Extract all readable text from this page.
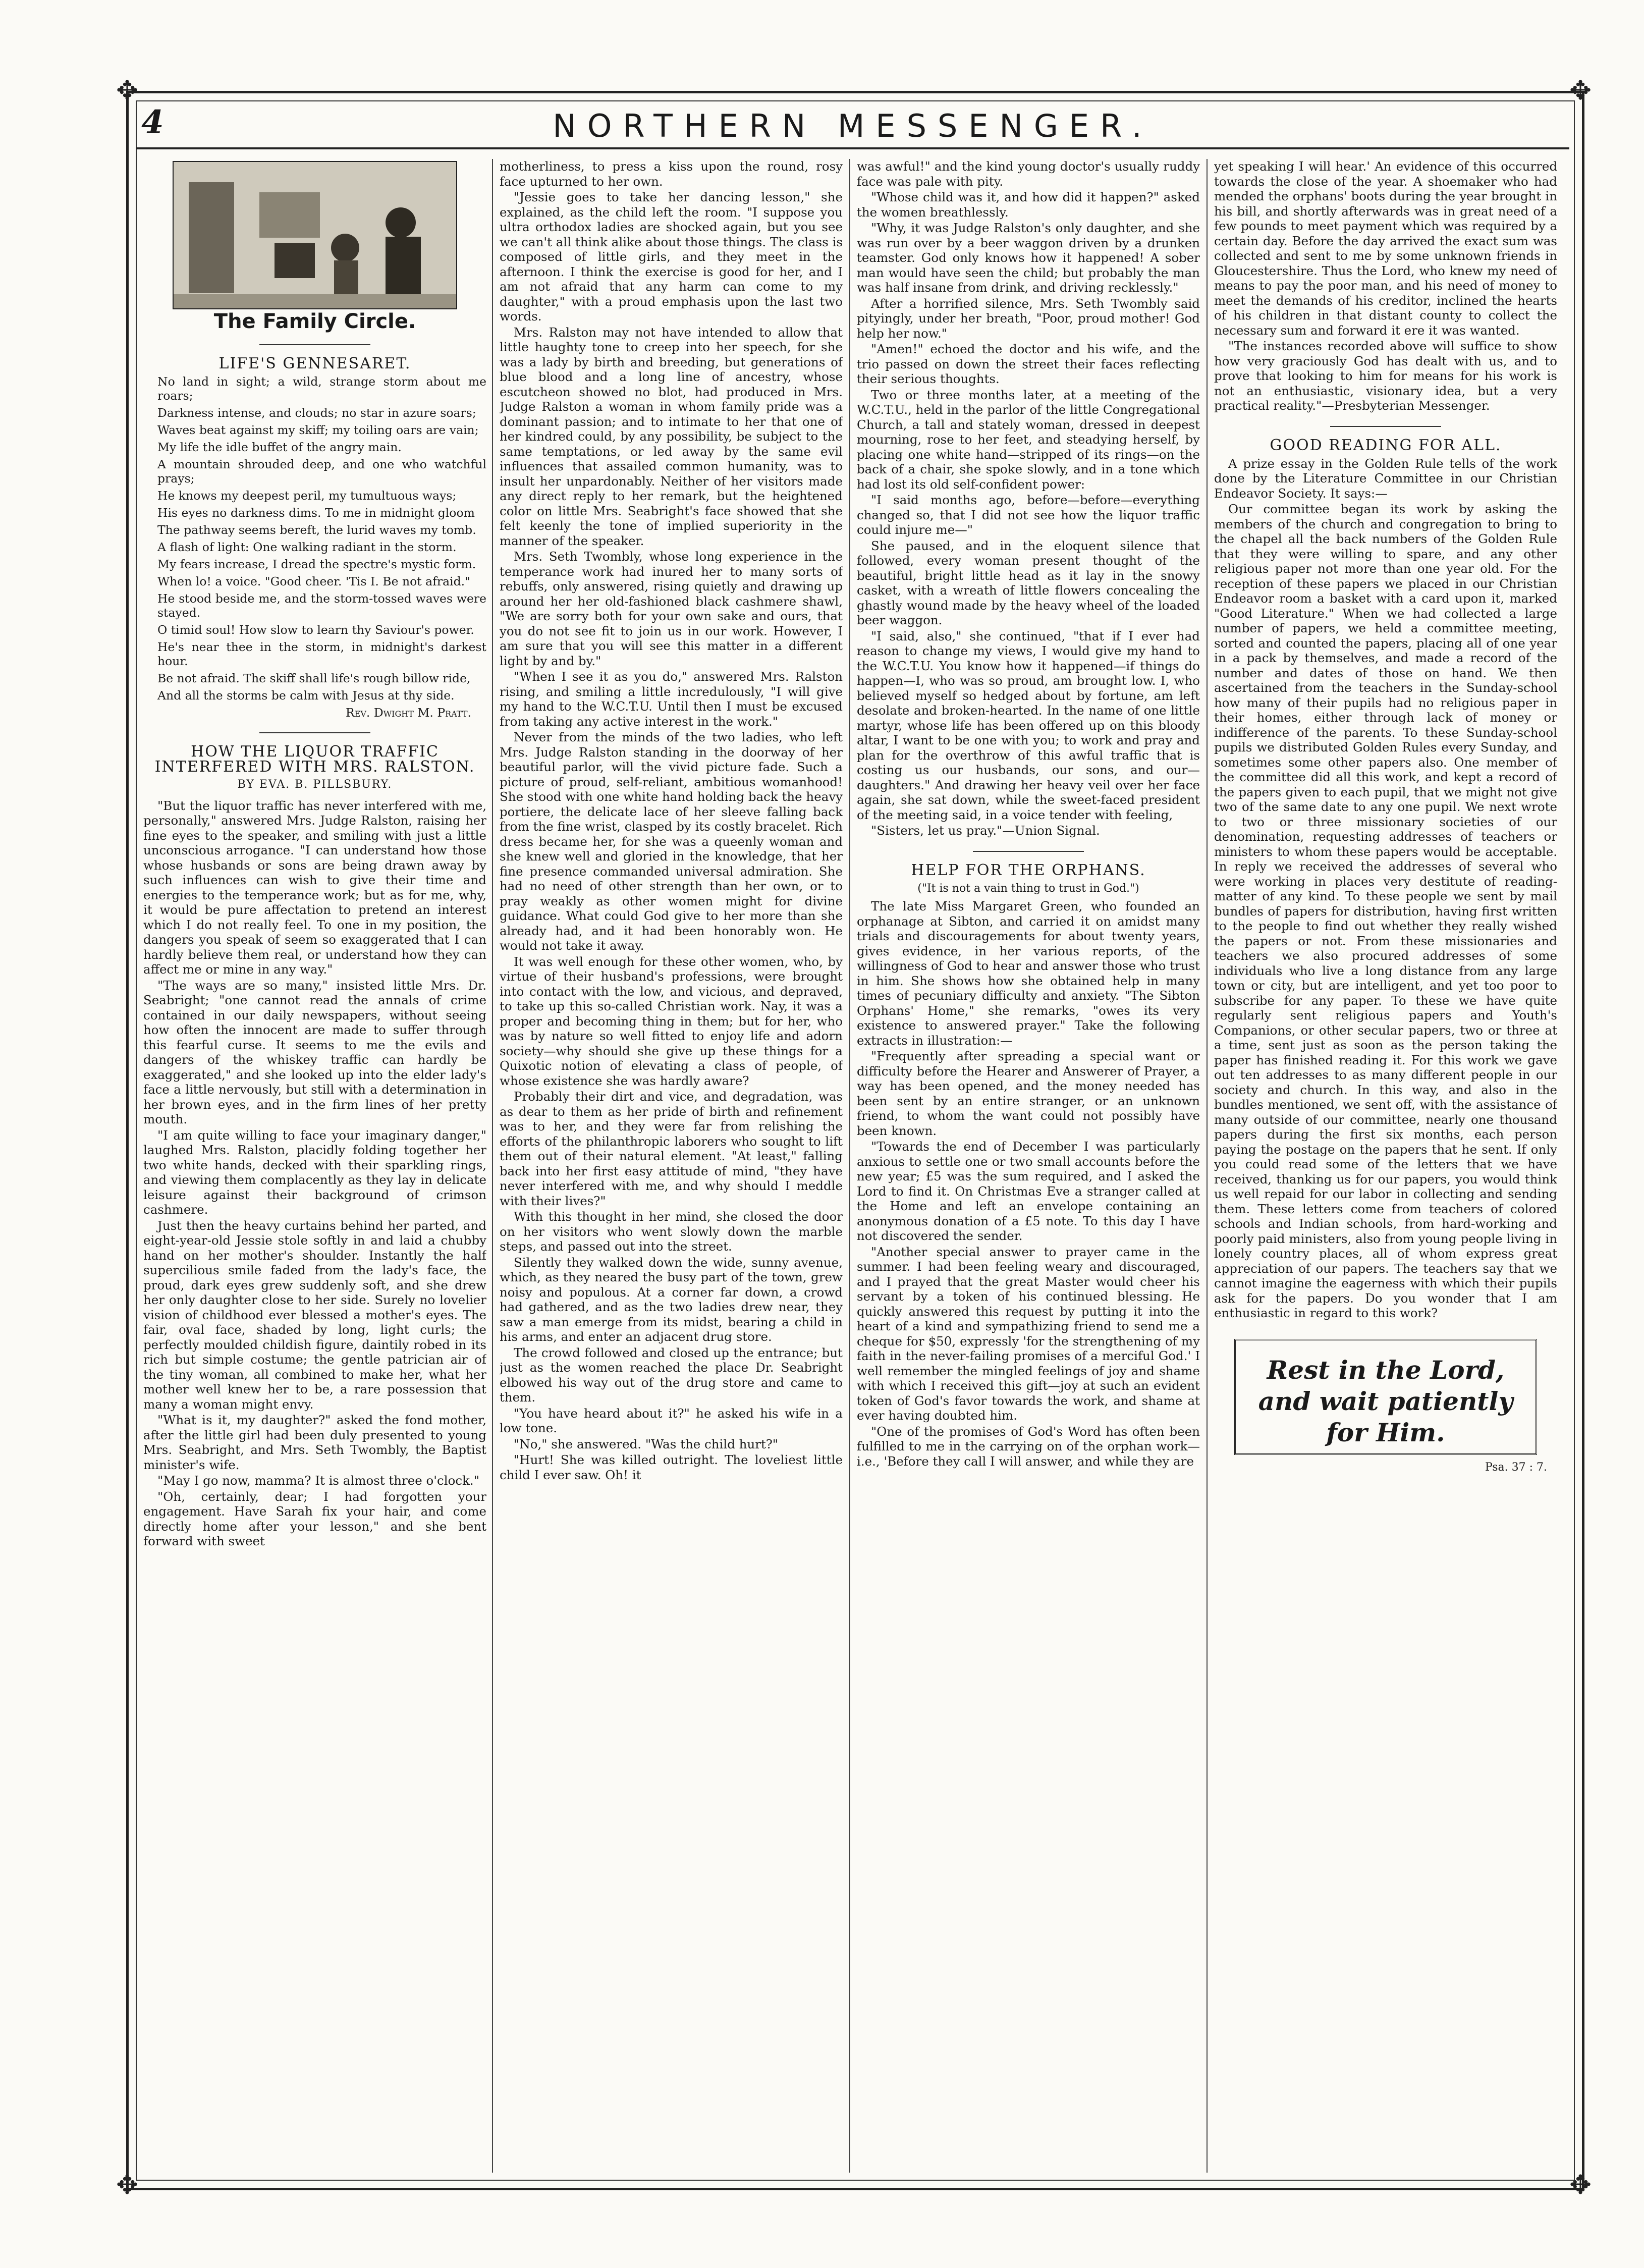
✥	✥
✥	✥
4	NORTHERN MESSENGER.
The Family Circle.
LIFE'S GENNESARET.

No land in sight; a wild, strange storm about me roars;

Darkness intense, and clouds; no star in azure soars;

Waves beat against my skiff; my toiling oars are vain;

My life the idle buffet of the angry main.

A mountain shrouded deep, and one who watchful prays;

He knows my deepest peril, my tumultuous ways;

His eyes no darkness dims. To me in midnight gloom

The pathway seems bereft, the lurid waves my tomb.

A flash of light: One walking radiant in the storm.

My fears increase, I dread the spectre's mystic form.

When lo! a voice. "Good cheer. 'Tis I. Be not afraid."

He stood beside me, and the storm-tossed waves were stayed.

O timid soul! How slow to learn thy Saviour's power.

He's near thee in the storm, in midnight's darkest hour.

Be not afraid. The skiff shall life's rough billow ride,

And all the storms be calm with Jesus at thy side.

Rev. Dwight M. Pratt.

HOW THE LIQUOR TRAFFIC INTERFERED WITH MRS. RALSTON.
BY EVA. B. PILLSBURY.

"But the liquor traffic has never interfered with me, personally," answered Mrs. Judge Ralston, raising her fine eyes to the speaker, and smiling with just a little unconscious arrogance. "I can understand how those whose husbands or sons are being drawn away by such influences can wish to give their time and energies to the temperance work; but as for me, why, it would be pure affectation to pretend an interest which I do not really feel. To one in my position, the dangers you speak of seem so exaggerated that I can hardly believe them real, or understand how they can affect me or mine in any way."

"The ways are so many," insisted little Mrs. Dr. Seabright; "one cannot read the annals of crime contained in our daily newspapers, without seeing how often the innocent are made to suffer through this fearful curse. It seems to me the evils and dangers of the whiskey traffic can hardly be exaggerated," and she looked up into the elder lady's face a little nervously, but still with a determination in her brown eyes, and in the firm lines of her pretty mouth.

"I am quite willing to face your imaginary danger," laughed Mrs. Ralston, placidly folding together her two white hands, decked with their sparkling rings, and viewing them complacently as they lay in delicate leisure against their background of crimson cashmere.

Just then the heavy curtains behind her parted, and eight-year-old Jessie stole softly in and laid a chubby hand on her mother's shoulder. Instantly the half supercilious smile faded from the lady's face, the proud, dark eyes grew suddenly soft, and she drew her only daughter close to her side. Surely no lovelier vision of childhood ever blessed a mother's eyes. The fair, oval face, shaded by long, light curls; the perfectly moulded childish figure, daintily robed in its rich but simple costume; the gentle patrician air of the tiny woman, all combined to make her, what her mother well knew her to be, a rare possession that many a woman might envy.

"What is it, my daughter?" asked the fond mother, after the little girl had been duly presented to young Mrs. Seabright, and Mrs. Seth Twombly, the Baptist minister's wife.

"May I go now, mamma? It is almost three o'clock."

"Oh, certainly, dear; I had forgotten your engagement. Have Sarah fix your hair, and come directly home after your lesson," and she bent forward with sweet

motherliness, to press a kiss upon the round, rosy face upturned to her own.

"Jessie goes to take her dancing lesson," she explained, as the child left the room. "I suppose you ultra orthodox ladies are shocked again, but you see we can't all think alike about those things. The class is composed of little girls, and they meet in the afternoon. I think the exercise is good for her, and I am not afraid that any harm can come to my daughter," with a proud emphasis upon the last two words.

Mrs. Ralston may not have intended to allow that little haughty tone to creep into her speech, for she was a lady by birth and breeding, but generations of blue blood and a long line of ancestry, whose escutcheon showed no blot, had produced in Mrs. Judge Ralston a woman in whom family pride was a dominant passion; and to intimate to her that one of her kindred could, by any possibility, be subject to the same temptations, or led away by the same evil influences that assailed common humanity, was to insult her unpardonably. Neither of her visitors made any direct reply to her remark, but the heightened color on little Mrs. Seabright's face showed that she felt keenly the tone of implied superiority in the manner of the speaker.

Mrs. Seth Twombly, whose long experience in the temperance work had inured her to many sorts of rebuffs, only answered, rising quietly and drawing up around her her old-fashioned black cashmere shawl, "We are sorry both for your own sake and ours, that you do not see fit to join us in our work. However, I am sure that you will see this matter in a different light by and by."

"When I see it as you do," answered Mrs. Ralston rising, and smiling a little incredulously, "I will give my hand to the W.C.T.U. Until then I must be excused from taking any active interest in the work."

Never from the minds of the two ladies, who left Mrs. Judge Ralston standing in the doorway of her beautiful parlor, will the vivid picture fade. Such a picture of proud, self-reliant, ambitious womanhood! She stood with one white hand holding back the heavy portiere, the delicate lace of her sleeve falling back from the fine wrist, clasped by its costly bracelet. Rich dress became her, for she was a queenly woman and she knew well and gloried in the knowledge, that her fine presence commanded universal admiration. She had no need of other strength than her own, or to pray weakly as other women might for divine guidance. What could God give to her more than she already had, and it had been honorably won. He would not take it away.

It was well enough for these other women, who, by virtue of their husband's professions, were brought into contact with the low, and vicious, and depraved, to take up this so-called Christian work. Nay, it was a proper and becoming thing in them; but for her, who was by nature so well fitted to enjoy life and adorn society—why should she give up these things for a Quixotic notion of elevating a class of people, of whose existence she was hardly aware?

Probably their dirt and vice, and degradation, was as dear to them as her pride of birth and refinement was to her, and they were far from relishing the efforts of the philanthropic laborers who sought to lift them out of their natural element. "At least," falling back into her first easy attitude of mind, "they have never interfered with me, and why should I meddle with their lives?"

With this thought in her mind, she closed the door on her visitors who went slowly down the marble steps, and passed out into the street.

Silently they walked down the wide, sunny avenue, which, as they neared the busy part of the town, grew noisy and populous. At a corner far down, a crowd had gathered, and as the two ladies drew near, they saw a man emerge from its midst, bearing a child in his arms, and enter an adjacent drug store.

The crowd followed and closed up the entrance; but just as the women reached the place Dr. Seabright elbowed his way out of the drug store and came to them.

"You have heard about it?" he asked his wife in a low tone.

"No," she answered. "Was the child hurt?"

"Hurt! She was killed outright. The loveliest little child I ever saw. Oh! it

was awful!" and the kind young doctor's usually ruddy face was pale with pity.

"Whose child was it, and how did it happen?" asked the women breathlessly.

"Why, it was Judge Ralston's only daughter, and she was run over by a beer waggon driven by a drunken teamster. God only knows how it happened! A sober man would have seen the child; but probably the man was half insane from drink, and driving recklessly."

After a horrified silence, Mrs. Seth Twombly said pityingly, under her breath, "Poor, proud mother! God help her now."

"Amen!" echoed the doctor and his wife, and the trio passed on down the street their faces reflecting their serious thoughts.

Two or three months later, at a meeting of the W.C.T.U., held in the parlor of the little Congregational Church, a tall and stately woman, dressed in deepest mourning, rose to her feet, and steadying herself, by placing one white hand—stripped of its rings—on the back of a chair, she spoke slowly, and in a tone which had lost its old self-confident power:

"I said months ago, before—before—everything changed so, that I did not see how the liquor traffic could injure me—"

She paused, and in the eloquent silence that followed, every woman present thought of the beautiful, bright little head as it lay in the snowy casket, with a wreath of little flowers concealing the ghastly wound made by the heavy wheel of the loaded beer waggon.

"I said, also," she continued, "that if I ever had reason to change my views, I would give my hand to the W.C.T.U. You know how it happened—if things do happen—I, who was so proud, am brought low. I, who believed myself so hedged about by fortune, am left desolate and broken-hearted. In the name of one little martyr, whose life has been offered up on this bloody altar, I want to be one with you; to work and pray and plan for the overthrow of this awful traffic that is costing us our husbands, our sons, and our—daughters." And drawing her heavy veil over her face again, she sat down, while the sweet-faced president of the meeting said, in a voice tender with feeling,

"Sisters, let us pray."—Union Signal.

HELP FOR THE ORPHANS.
("It is not a vain thing to trust in God.")

The late Miss Margaret Green, who founded an orphanage at Sibton, and carried it on amidst many trials and discouragements for about twenty years, gives evidence, in her various reports, of the willingness of God to hear and answer those who trust in him. She shows how she obtained help in many times of pecuniary difficulty and anxiety. "The Sibton Orphans' Home," she remarks, "owes its very existence to answered prayer." Take the following extracts in illustration:—

"Frequently after spreading a special want or difficulty before the Hearer and Answerer of Prayer, a way has been opened, and the money needed has been sent by an entire stranger, or an unknown friend, to whom the want could not possibly have been known.

"Towards the end of December I was particularly anxious to settle one or two small accounts before the new year; £5 was the sum required, and I asked the Lord to find it. On Christmas Eve a stranger called at the Home and left an envelope containing an anonymous donation of a £5 note. To this day I have not discovered the sender.

"Another special answer to prayer came in the summer. I had been feeling weary and discouraged, and I prayed that the great Master would cheer his servant by a token of his continued blessing. He quickly answered this request by putting it into the heart of a kind and sympathizing friend to send me a cheque for $50, expressly 'for the strengthening of my faith in the never-failing promises of a merciful God.' I well remember the mingled feelings of joy and shame with which I received this gift—joy at such an evident token of God's favor towards the work, and shame at ever having doubted him.

"One of the promises of God's Word has often been fulfilled to me in the carrying on of the orphan work—i.e., 'Before they call I will answer, and while they are

yet speaking I will hear.' An evidence of this occurred towards the close of the year. A shoemaker who had mended the orphans' boots during the year brought in his bill, and shortly afterwards was in great need of a few pounds to meet payment which was required by a certain day. Before the day arrived the exact sum was collected and sent to me by some unknown friends in Gloucestershire. Thus the Lord, who knew my need of means to pay the poor man, and his need of money to meet the demands of his creditor, inclined the hearts of his children in that distant county to collect the necessary sum and forward it ere it was wanted.

"The instances recorded above will suffice to show how very graciously God has dealt with us, and to prove that looking to him for means for his work is not an enthusiastic, visionary idea, but a very practical reality."—Presbyterian Messenger.

GOOD READING FOR ALL.

A prize essay in the Golden Rule tells of the work done by the Literature Committee in our Christian Endeavor Society. It says:—

Our committee began its work by asking the members of the church and congregation to bring to the chapel all the back numbers of the Golden Rule that they were willing to spare, and any other religious paper not more than one year old. For the reception of these papers we placed in our Christian Endeavor room a basket with a card upon it, marked "Good Literature." When we had collected a large number of papers, we held a committee meeting, sorted and counted the papers, placing all of one year in a pack by themselves, and made a record of the number and dates of those on hand. We then ascertained from the teachers in the Sunday-school how many of their pupils had no religious paper in their homes, either through lack of money or indifference of the parents. To these Sunday-school pupils we distributed Golden Rules every Sunday, and sometimes some other papers also. One member of the committee did all this work, and kept a record of the papers given to each pupil, that we might not give two of the same date to any one pupil. We next wrote to two or three missionary societies of our denomination, requesting addresses of teachers or ministers to whom these papers would be acceptable. In reply we received the addresses of several who were working in places very destitute of reading-matter of any kind. To these people we sent by mail bundles of papers for distribution, having first written to the people to find out whether they really wished the papers or not. From these missionaries and teachers we also procured addresses of some individuals who live a long distance from any large town or city, but are intelligent, and yet too poor to subscribe for any paper. To these we have quite regularly sent religious papers and Youth's Companions, or other secular papers, two or three at a time, sent just as soon as the person taking the paper has finished reading it. For this work we gave out ten addresses to as many different people in our society and church. In this way, and also in the bundles mentioned, we sent off, with the assistance of many outside of our committee, nearly one thousand papers during the first six months, each person paying the postage on the papers that he sent. If only you could read some of the letters that we have received, thanking us for our papers, you would think us well repaid for our labor in collecting and sending them. These letters come from teachers of colored schools and Indian schools, from hard-working and poorly paid ministers, also from young people living in lonely country places, all of whom express great appreciation of our papers. The teachers say that we cannot imagine the eagerness with which their pupils ask for the papers. Do you wonder that I am enthusiastic in regard to this work?

Rest in the Lord, and wait patiently for Him.
Psa. 37 : 7.
